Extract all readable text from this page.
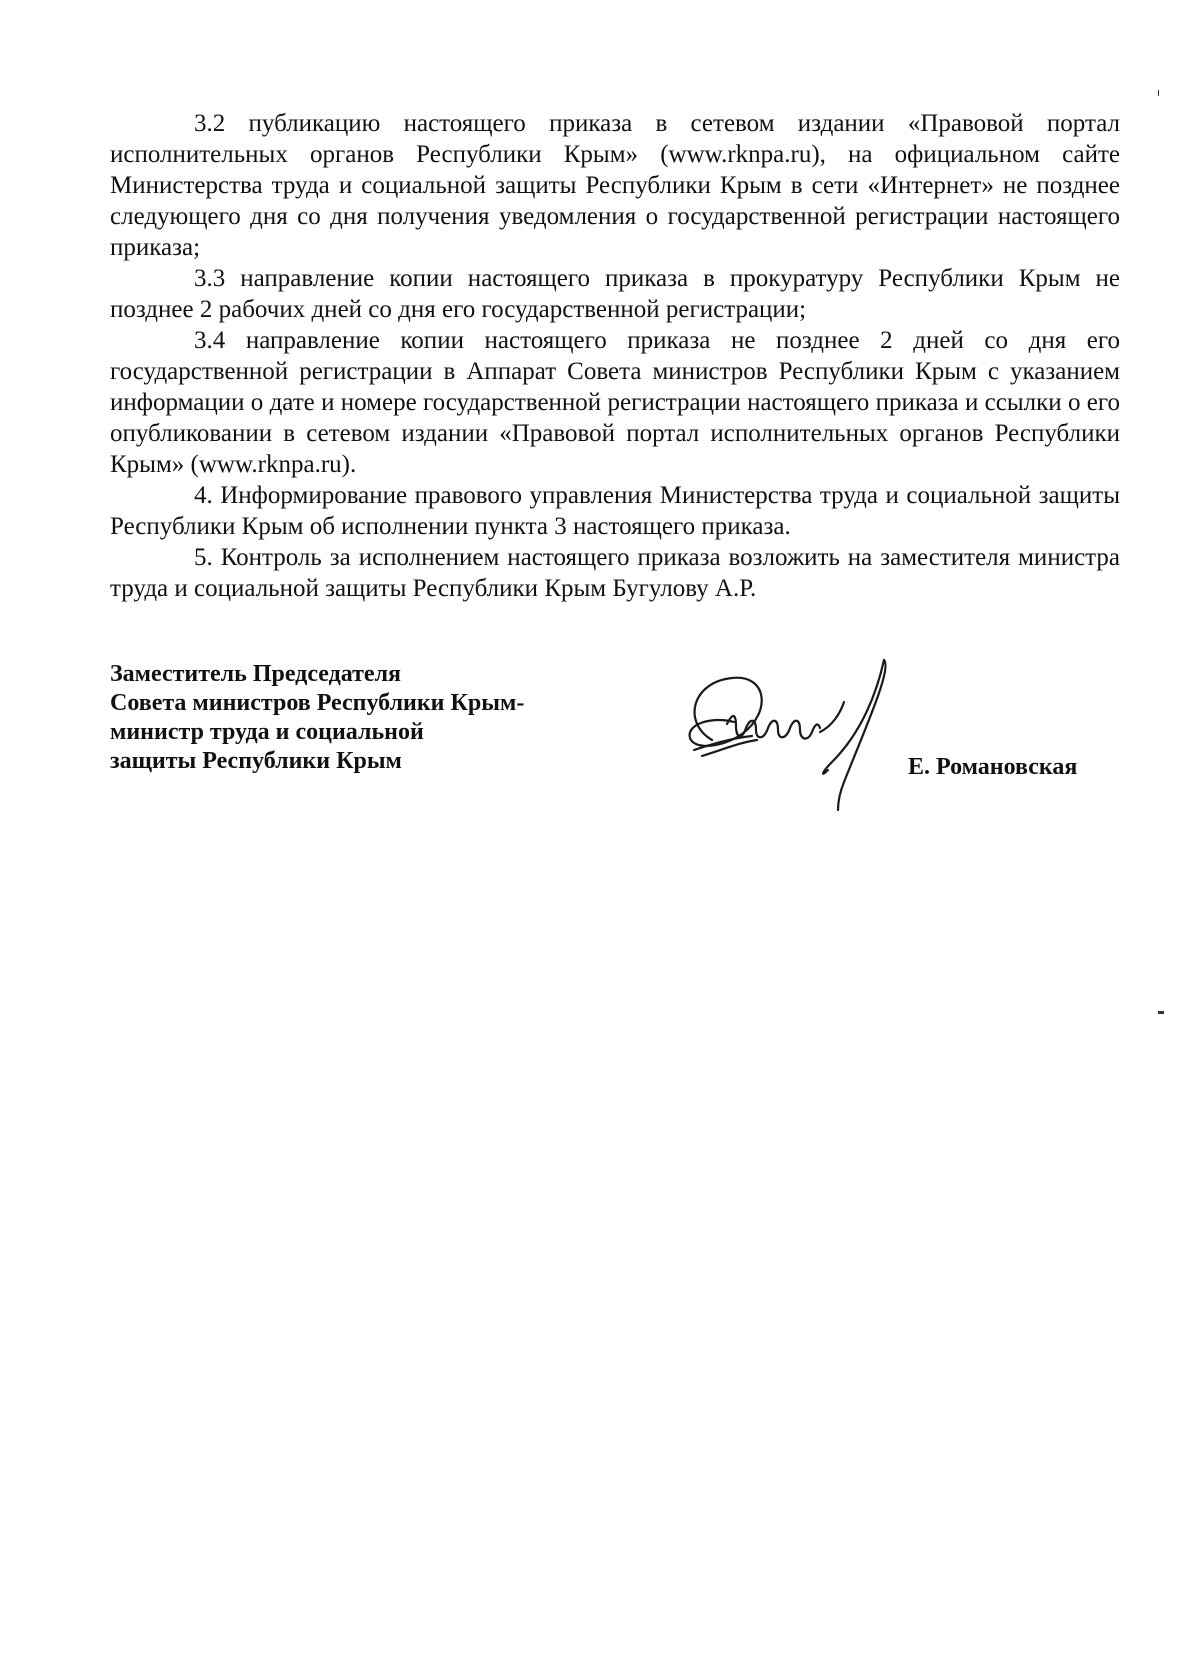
3.2 публикацию настоящего приказа в сетевом издании «Правовой портал исполнительных органов Республики Крым» (www.rknpa.ru), на официальном сайте Министерства труда и социальной защиты Республики Крым в сети «Интернет» не позднее следующего дня со дня получения уведомления о государственной регистрации настоящего приказа;

3.3 направление копии настоящего приказа в прокуратуру Республики Крым не позднее 2 рабочих дней со дня его государственной регистрации;

3.4 направление копии настоящего приказа не позднее 2 дней со дня его государственной регистрации в Аппарат Совета министров Республики Крым с указанием информации о дате и номере государственной регистрации настоящего приказа и ссылки о его опубликовании в сетевом издании «Правовой портал исполнительных органов Республики Крым» (www.rknpa.ru).

4. Информирование правового управления Министерства труда и социальной защиты Республики Крым об исполнении пункта 3 настоящего приказа.

5. Контроль за исполнением настоящего приказа возложить на заместителя министра труда и социальной защиты Республики Крым Бугулову А.Р.

Заместитель Председателя
Совета министров Республики Крым-
министр труда и социальной
защиты Республики Крым	Е. Романовская
